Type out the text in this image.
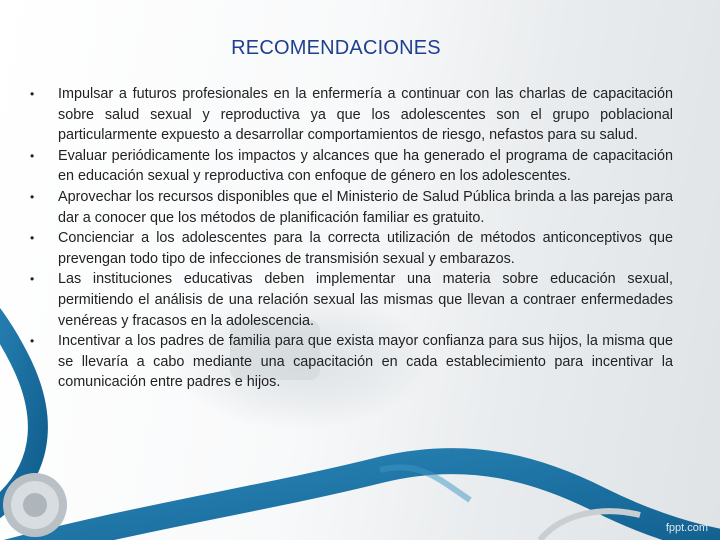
RECOMENDACIONES
•	Impulsar a futuros profesionales en la enfermería a continuar con las charlas de capacitación sobre salud sexual y reproductiva ya que los adolescentes son el grupo poblacional particularmente expuesto a desarrollar comportamientos de riesgo, nefastos para su salud.
•	Evaluar periódicamente los impactos y alcances que ha generado el programa de capacitación en educación sexual y reproductiva con enfoque de género en los adolescentes.
•	Aprovechar los recursos disponibles que el Ministerio de Salud Pública brinda a las parejas para dar a conocer que los métodos de planificación familiar es gratuito.
•	Concienciar a los adolescentes para la correcta utilización de métodos anticonceptivos que prevengan todo tipo de infecciones de transmisión sexual y embarazos.
•	Las instituciones educativas deben implementar una materia sobre educación sexual, permitiendo el análisis de una relación sexual las mismas que llevan a contraer enfermedades venéreas y fracasos en la adolescencia.
•	Incentivar a los padres de familia para que exista mayor confianza para sus hijos, la misma que se llevaría a cabo mediante una capacitación en cada establecimiento para incentivar la comunicación entre padres e hijos.
fppt.com
